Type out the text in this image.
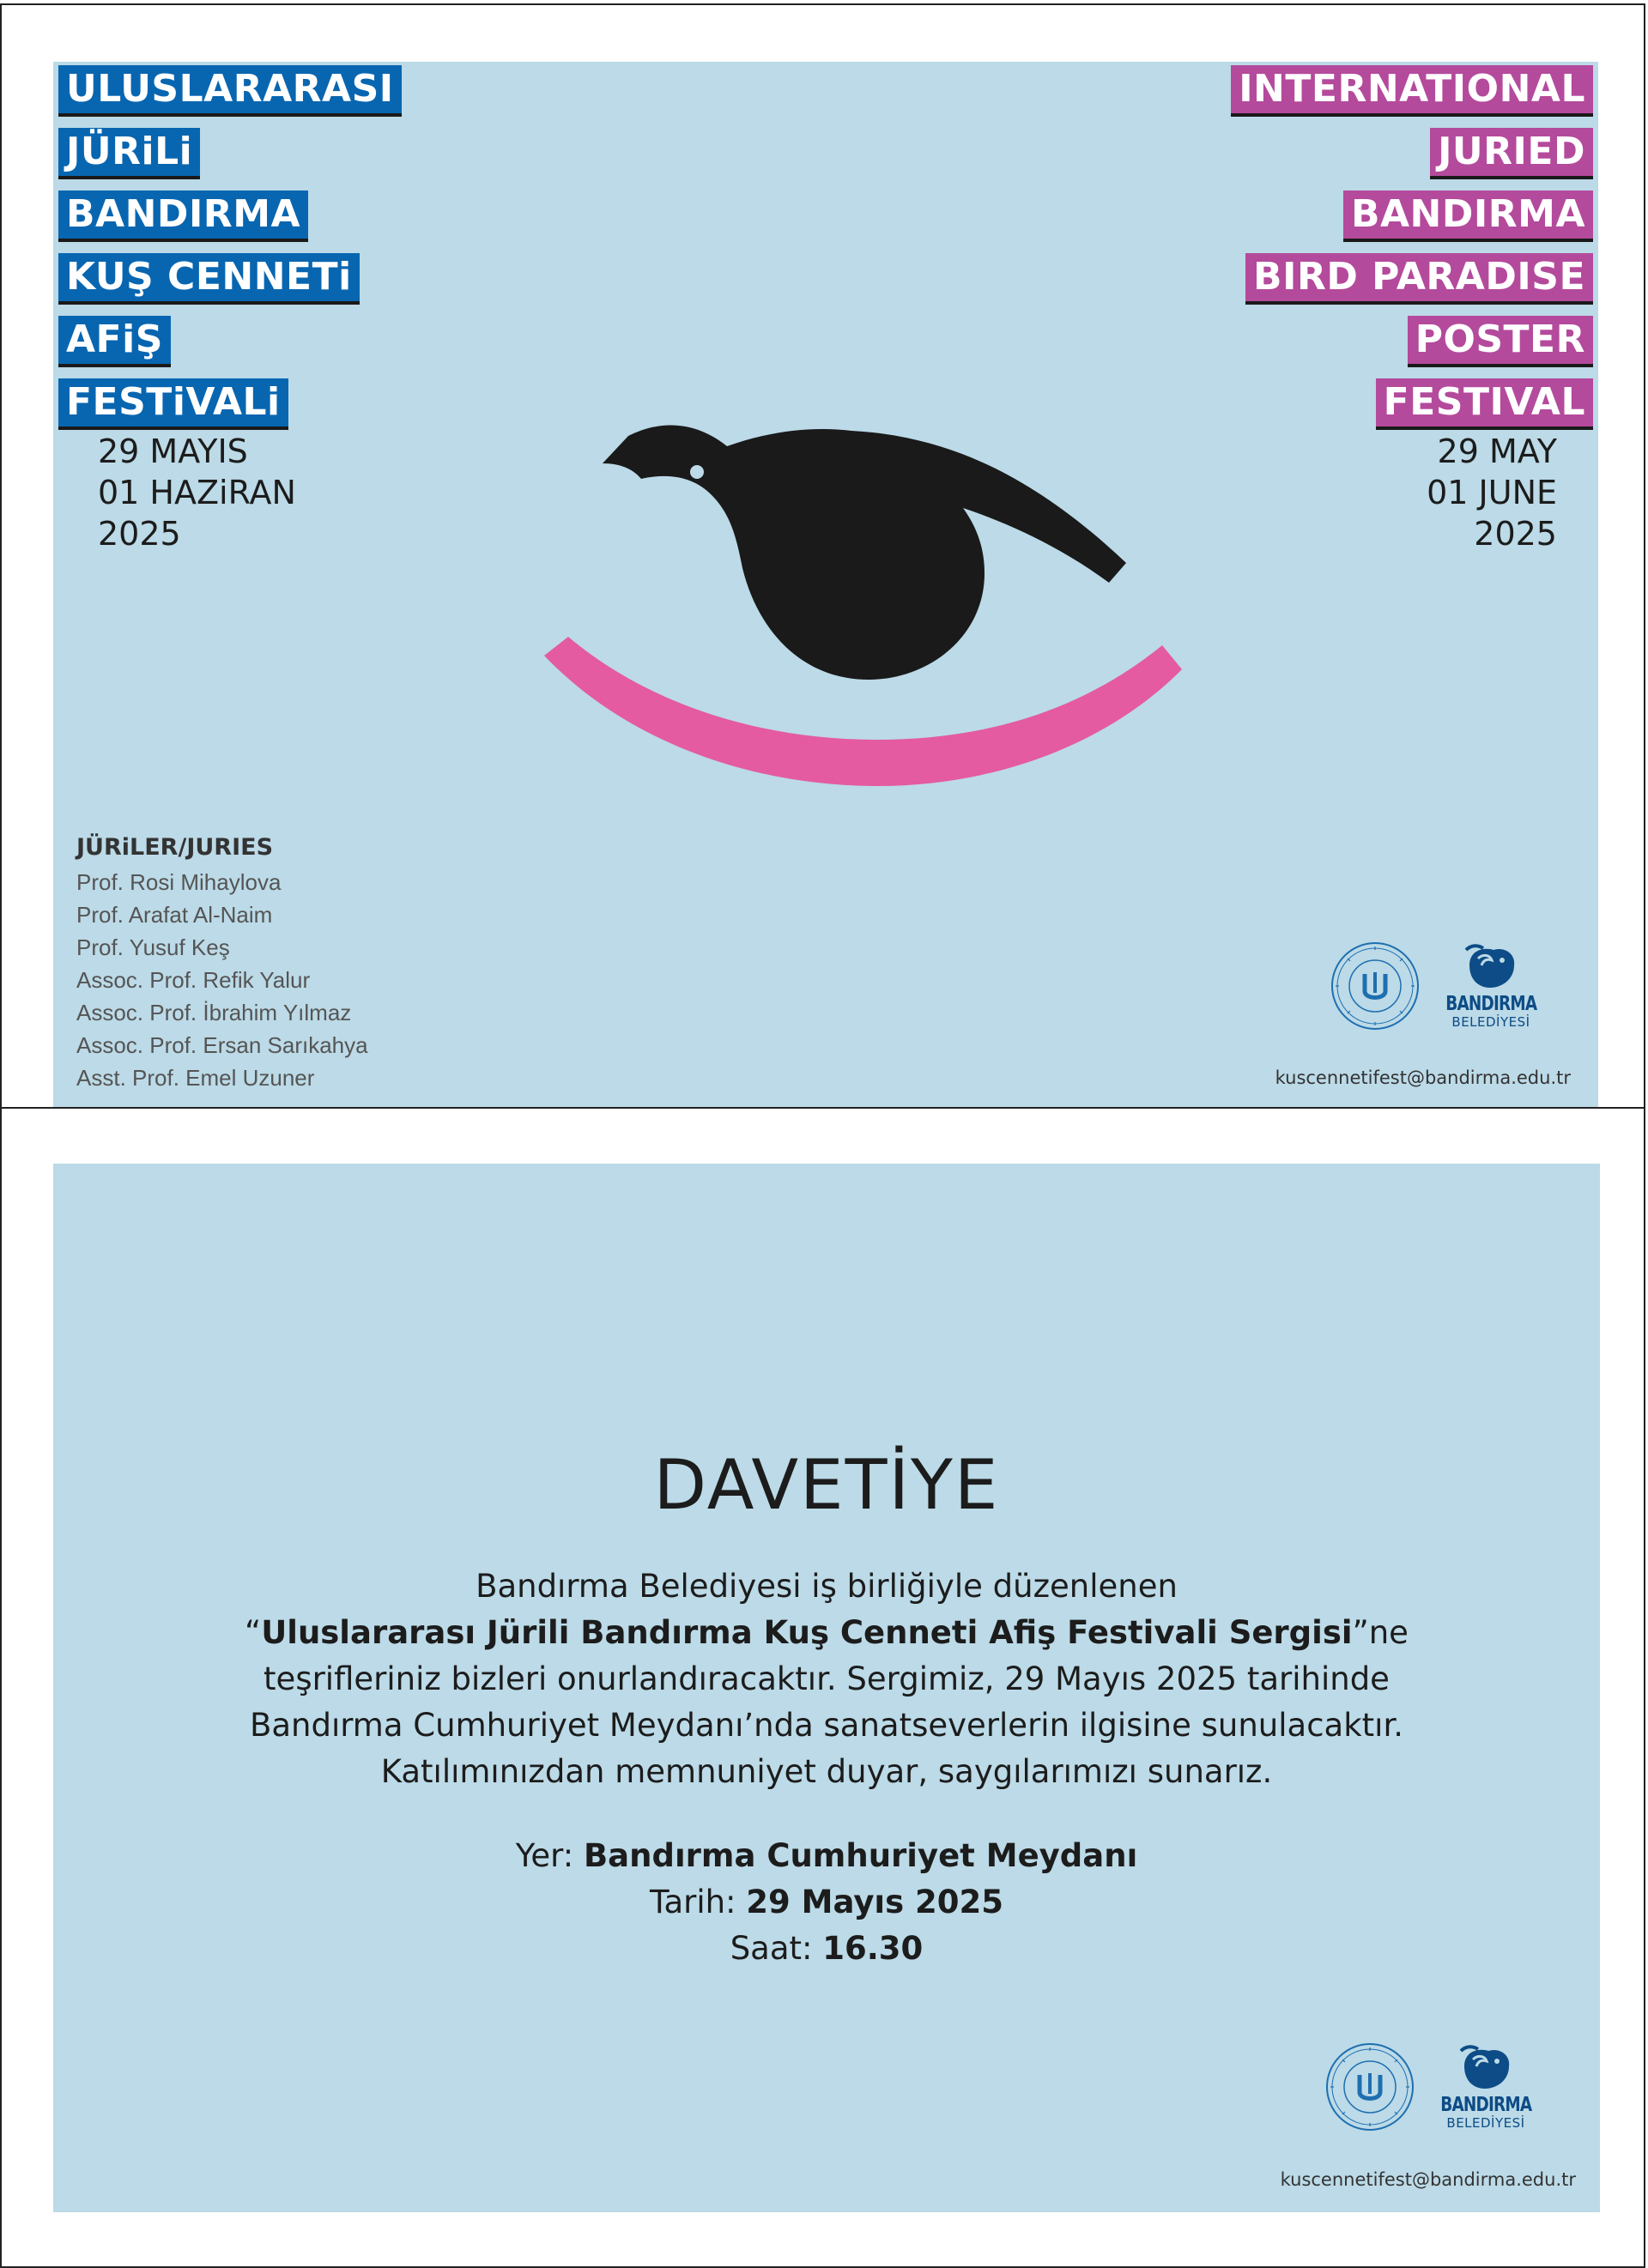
ULUSLARARASI
JÜRiLi
BANDIRMA
KUŞ CENNETi
AFiŞ
FESTiVALi
INTERNATIONAL
JURIED
BANDIRMA
BIRD PARADISE
POSTER
FESTIVAL
29 MAYIS
01 HAZiRAN
2025
29 MAY
01 JUNE
2025
JÜRiLER/JURIES
Prof. Rosi Mihaylova
Prof. Arafat Al-Naim
Prof. Yusuf Keş
Assoc. Prof. Refik Yalur
Assoc. Prof. İbrahim Yılmaz
Assoc. Prof. Ersan Sarıkahya
Asst. Prof. Emel Uzuner
BANDIRMA
BELEDİYESİ
kuscennetifest@bandirma.edu.tr
DAVETİYE
Bandırma Belediyesi iş birliğiyle düzenlenen
“Uluslararası Jürili Bandırma Kuş Cenneti Afiş Festivali Sergisi”ne
teşrifleriniz bizleri onurlandıracaktır. Sergimiz, 29 Mayıs 2025 tarihinde
Bandırma Cumhuriyet Meydanı’nda sanatseverlerin ilgisine sunulacaktır.
Katılımınızdan memnuniyet duyar, saygılarımızı sunarız.
Yer: Bandırma Cumhuriyet Meydanı
Tarih: 29 Mayıs 2025
Saat: 16.30
BANDIRMA
BELEDİYESİ
kuscennetifest@bandirma.edu.tr
